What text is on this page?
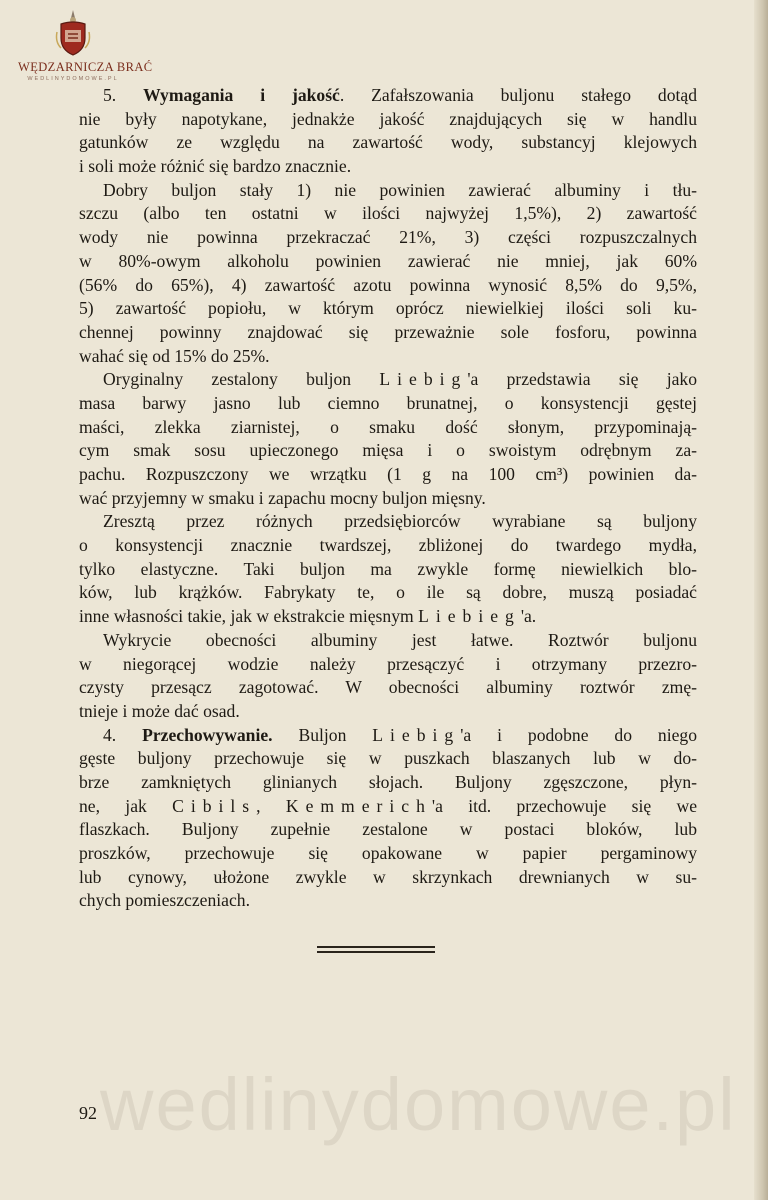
WĘDZARNICZA BRAĆ
WEDLINYDOMOWE.PL
wedlinydomowe.pl
5. Wymagania i jakość. Zafałszowania buljonu stałego dotąd
nie były napotykane, jednakże jakość znajdujących się w handlu
gatunków ze względu na zawartość wody, substancyj klejowych
i soli może różnić się bardzo znacznie.
Dobry buljon stały 1) nie powinien zawierać albuminy i tłu-
szczu (albo ten ostatni w ilości najwyżej 1,5%), 2) zawartość
wody nie powinna przekraczać 21%, 3) części rozpuszczalnych
w 80%-owym alkoholu powinien zawierać nie mniej, jak 60%
(56% do 65%), 4) zawartość azotu powinna wynosić 8,5% do 9,5%,
5) zawartość popiołu, w którym oprócz niewielkiej ilości soli ku-
chennej powinny znajdować się przeważnie sole fosforu, powinna
wahać się od 15% do 25%.
Oryginalny zestalony buljon Liebig'a przedstawia się jako
masa barwy jasno lub ciemno brunatnej, o konsystencji gęstej
maści, zlekka ziarnistej, o smaku dość słonym, przypominają-
cym smak sosu upieczonego mięsa i o swoistym odrębnym za-
pachu. Rozpuszczony we wrzątku (1 g na 100 cm³) powinien da-
wać przyjemny w smaku i zapachu mocny buljon mięsny.
Zresztą przez różnych przedsiębiorców wyrabiane są buljony
o konsystencji znacznie twardszej, zbliżonej do twardego mydła,
tylko elastyczne. Taki buljon ma zwykle formę niewielkich blo-
ków, lub krążków. Fabrykaty te, o ile są dobre, muszą posiadać
inne własności takie, jak w ekstrakcie mięsnym Liebieg'a.
Wykrycie obecności albuminy jest łatwe. Roztwór buljonu
w niegorącej wodzie należy przesączyć i otrzymany przezro-
czysty przesącz zagotować. W obecności albuminy roztwór zmę-
tnieje i może dać osad.
4. Przechowywanie. Buljon Liebig'a i podobne do niego
gęste buljony przechowuje się w puszkach blaszanych lub w do-
brze zamkniętych glinianych słojach. Buljony zgęszczone, płyn-
ne, jak Cibils, Kemmerich'a itd. przechowuje się we
flaszkach. Buljony zupełnie zestalone w postaci bloków, lub
proszków, przechowuje się opakowane w papier pergaminowy
lub cynowy, ułożone zwykle w skrzynkach drewnianych w su-
chych pomieszczeniach.
92
